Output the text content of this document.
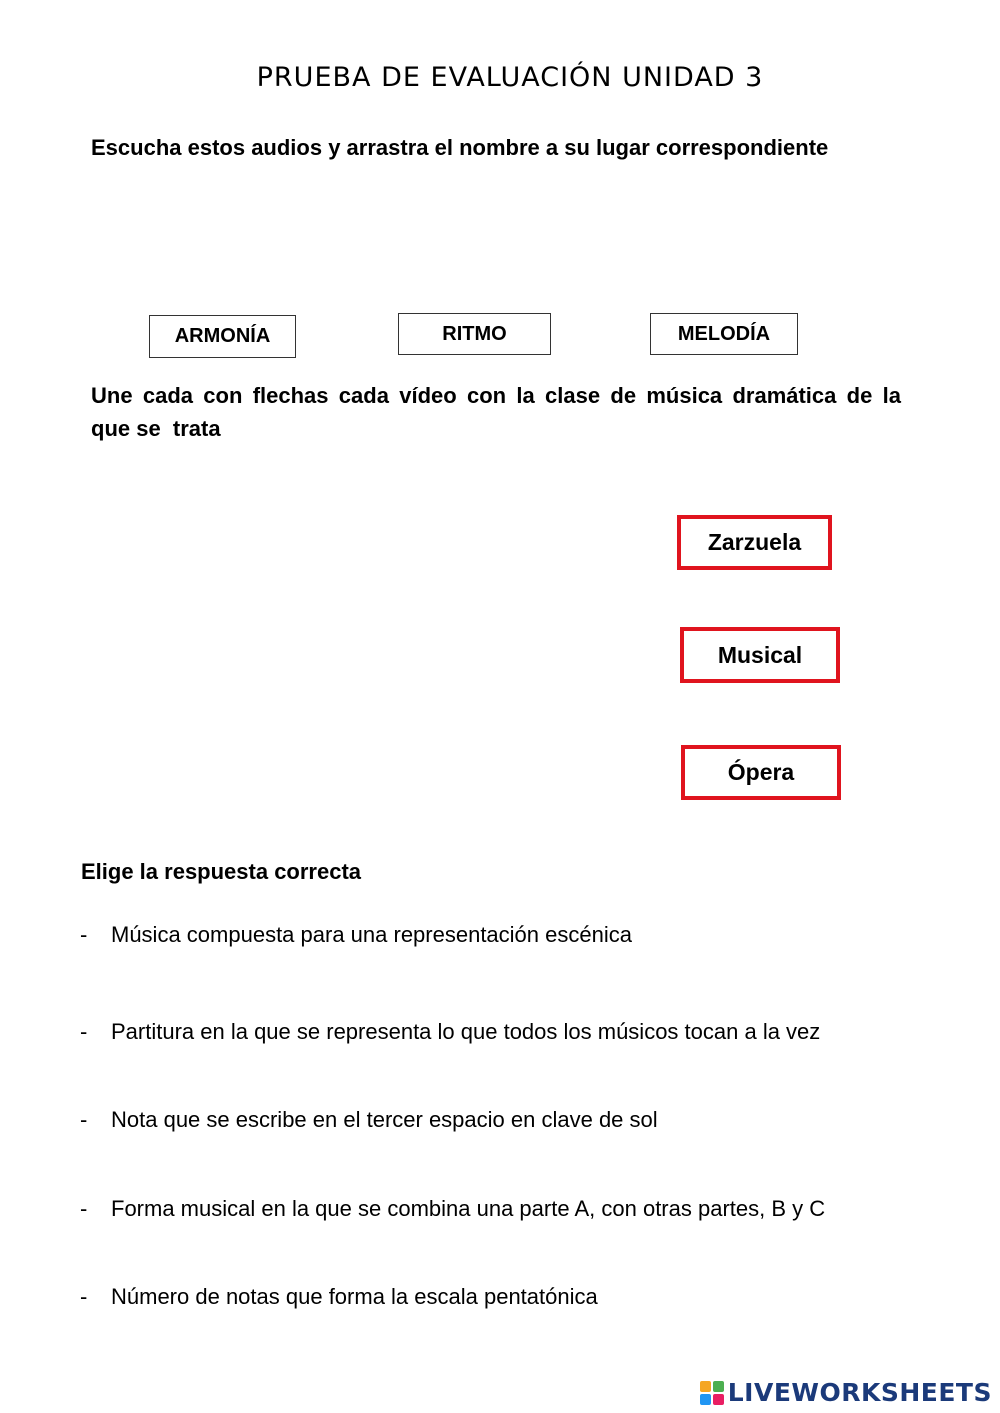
PRUEBA DE EVALUACIÓN UNIDAD 3
Escucha estos audios y arrastra el nombre a su lugar correspondiente
ARMONÍA	RITMO	MELODÍA
Une cada con flechas cada vídeo con la clase de música dramática de la
que se  trata
Zarzuela
Musical
Ópera
Elige la respuesta correcta
-	Música compuesta para una representación escénica
-	Partitura en la que se representa lo que todos los músicos tocan a la vez
-	Nota que se escribe en el tercer espacio en clave de sol
-	Forma musical en la que se combina una parte A, con otras partes, B y C
-	Número de notas que forma la escala pentatónica
LIVEWORKSHEETS
